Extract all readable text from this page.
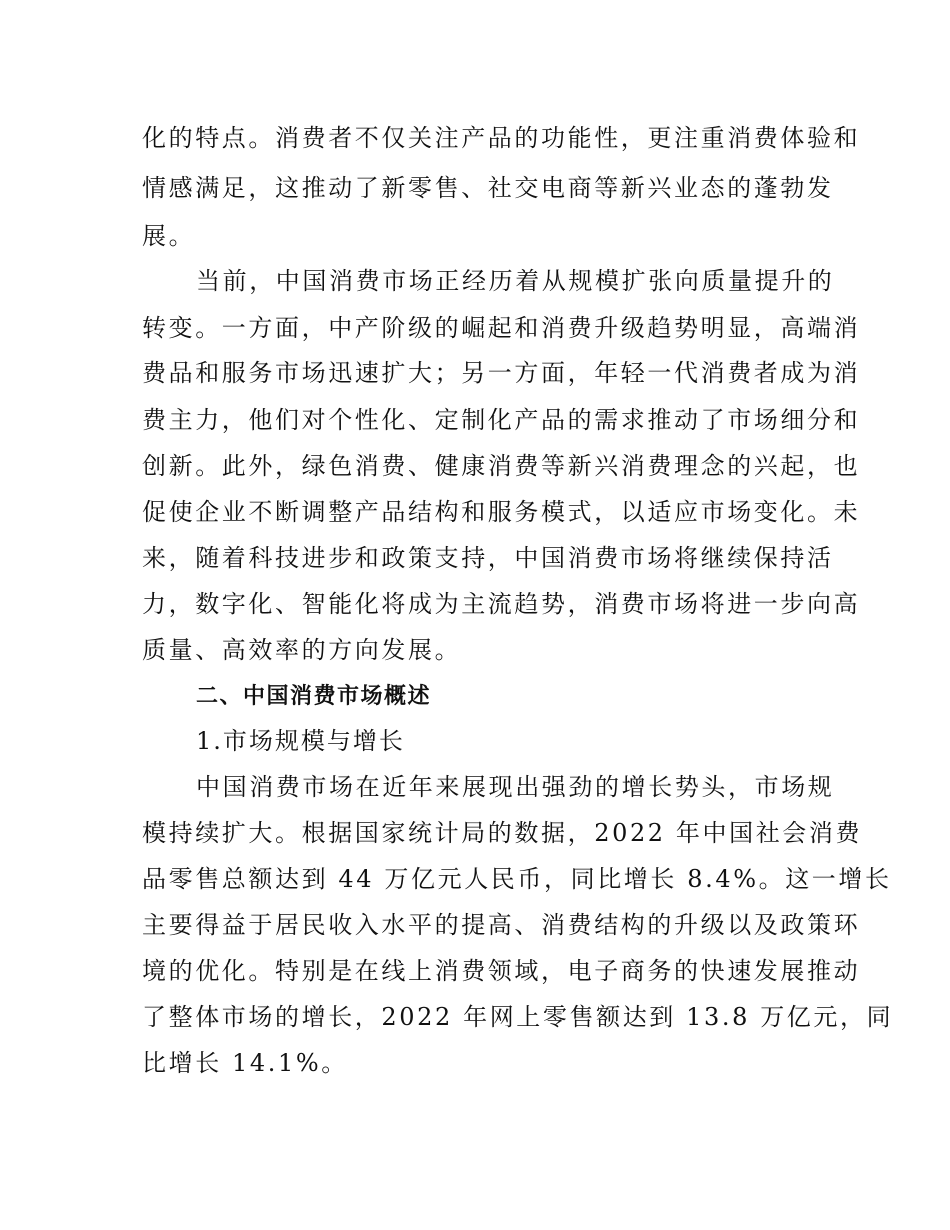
化的特点。消费者不仅关注产品的功能性，更注重消费体验和

情感满足，这推动了新零售、社交电商等新兴业态的蓬勃发

展。

当前，中国消费市场正经历着从规模扩张向质量提升的

转变。一方面，中产阶级的崛起和消费升级趋势明显，高端消

费品和服务市场迅速扩大；另一方面，年轻一代消费者成为消

费主力，他们对个性化、定制化产品的需求推动了市场细分和

创新。此外，绿色消费、健康消费等新兴消费理念的兴起，也

促使企业不断调整产品结构和服务模式，以适应市场变化。未

来，随着科技进步和政策支持，中国消费市场将继续保持活

力，数字化、智能化将成为主流趋势，消费市场将进一步向高

质量、高效率的方向发展。

二、中国消费市场概述

1.市场规模与增长

中国消费市场在近年来展现出强劲的增长势头，市场规

模持续扩大。根据国家统计局的数据，2022 年中国社会消费

品零售总额达到 44 万亿元人民币，同比增长 8.4%。这一增长

主要得益于居民收入水平的提高、消费结构的升级以及政策环

境的优化。特别是在线上消费领域，电子商务的快速发展推动

了整体市场的增长，2022 年网上零售额达到 13.8 万亿元，同

比增长 14.1%。
